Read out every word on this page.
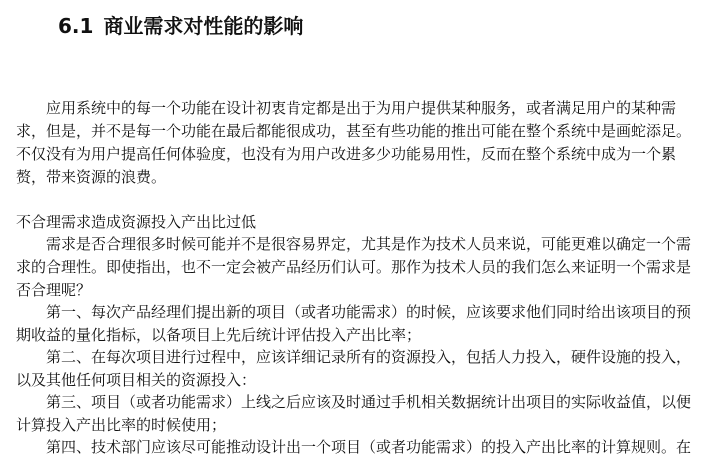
6.1 商业需求对性能的影响
应用系统中的每一个功能在设计初衷肯定都是出于为用户提供某种服务，或者满足用户的某种需
求，但是，并不是每一个功能在最后都能很成功，甚至有些功能的推出可能在整个系统中是画蛇添足。
不仅没有为用户提高任何体验度，也没有为用户改进多少功能易用性，反而在整个系统中成为一个累
赘，带来资源的浪费。
不合理需求造成资源投入产出比过低
需求是否合理很多时候可能并不是很容易界定，尤其是作为技术人员来说，可能更难以确定一个需
求的合理性。即使指出，也不一定会被产品经历们认可。那作为技术人员的我们怎么来证明一个需求是
否合理呢？
第一、每次产品经理们提出新的项目（或者功能需求）的时候，应该要求他们同时给出该项目的预
期收益的量化指标，以备项目上先后统计评估投入产出比率；
第二、在每次项目进行过程中，应该详细记录所有的资源投入，包括人力投入，硬件设施的投入，
以及其他任何项目相关的资源投入：
第三、项目（或者功能需求）上线之后应该及时通过手机相关数据统计出项目的实际收益值，以便
计算投入产出比率的时候使用；
第四、技术部门应该尽可能推动设计出一个项目（或者功能需求）的投入产出比率的计算规则。在
